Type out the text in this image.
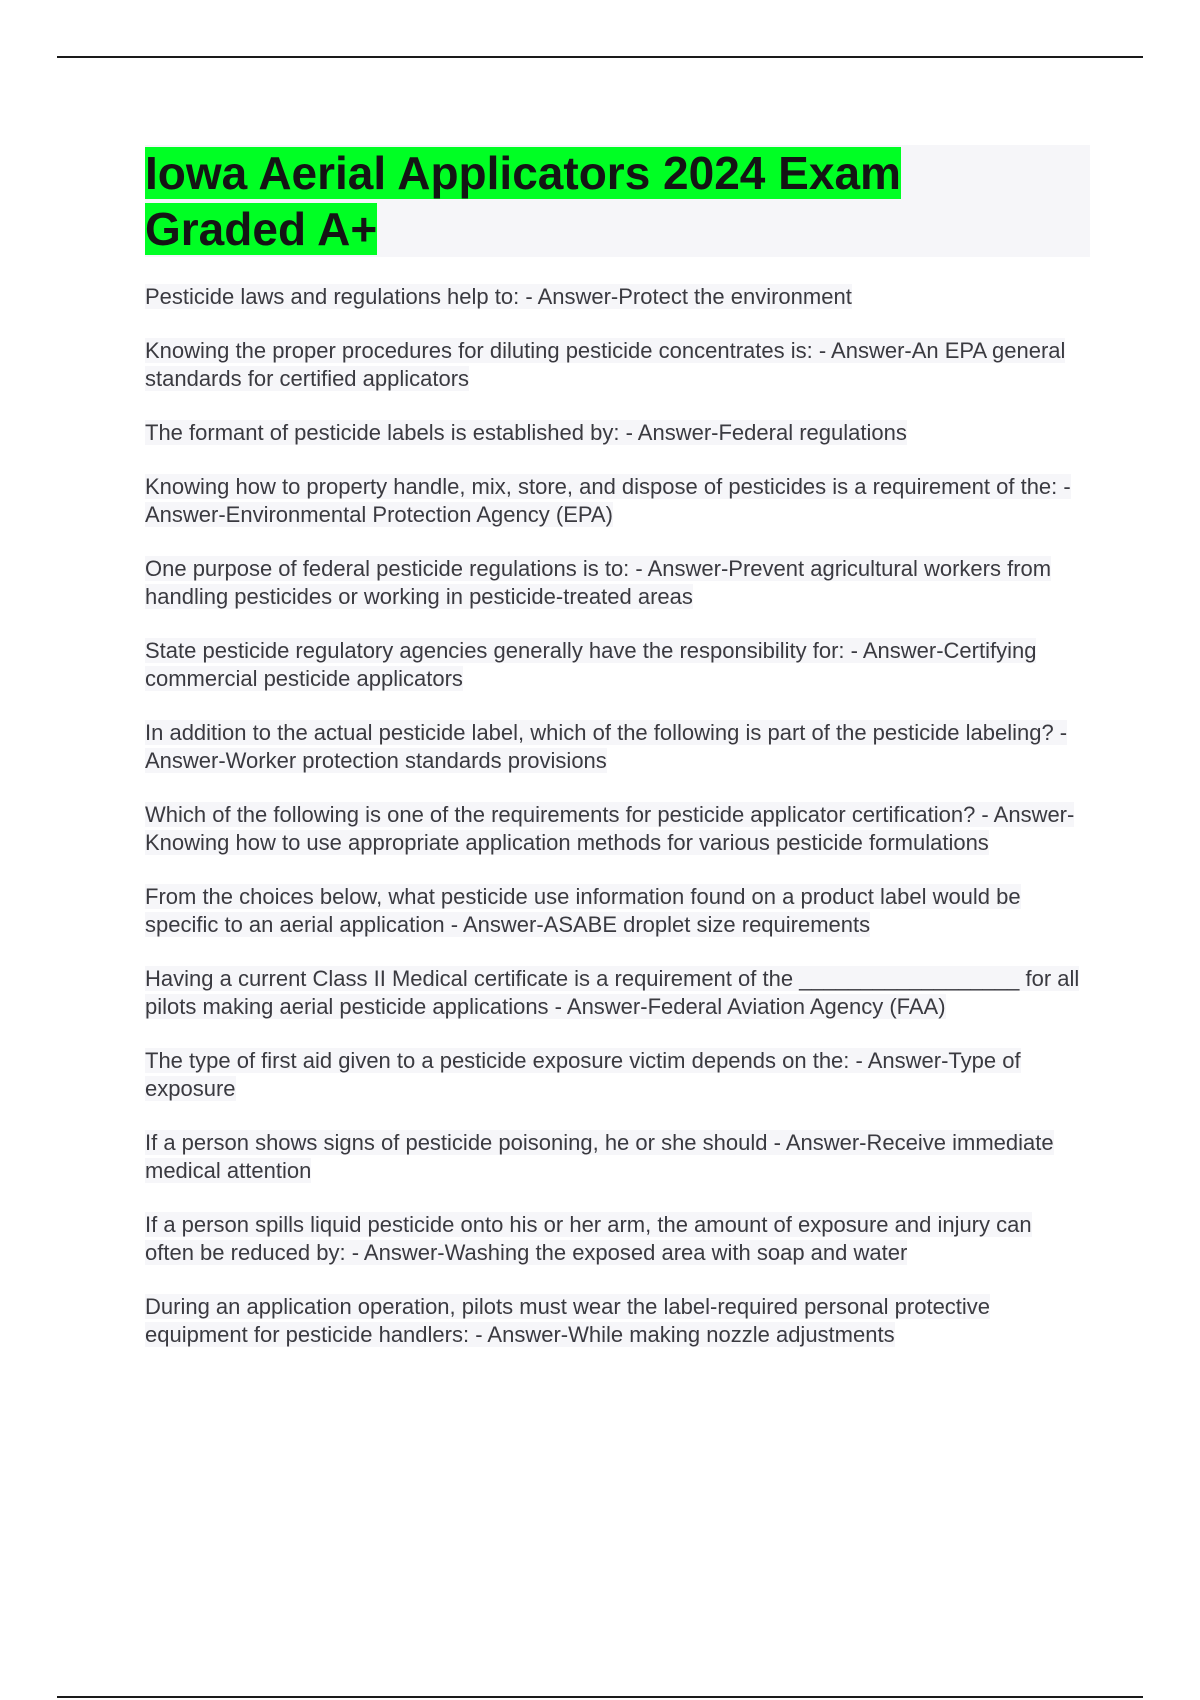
Iowa Aerial Applicators 2024 Exam Graded A+

Pesticide laws and regulations help to: - Answer-Protect the environment

Knowing the proper procedures for diluting pesticide concentrates is: - Answer-An EPA general standards for certified applicators

The formant of pesticide labels is established by: - Answer-Federal regulations

Knowing how to property handle, mix, store, and dispose of pesticides is a requirement of the: - Answer-Environmental Protection Agency (EPA)

One purpose of federal pesticide regulations is to: - Answer-Prevent agricultural workers from handling pesticides or working in pesticide-treated areas

State pesticide regulatory agencies generally have the responsibility for: - Answer-Certifying commercial pesticide applicators

In addition to the actual pesticide label, which of the following is part of the pesticide labeling? - Answer-Worker protection standards provisions

Which of the following is one of the requirements for pesticide applicator certification? - Answer-Knowing how to use appropriate application methods for various pesticide formulations

From the choices below, what pesticide use information found on a product label would be specific to an aerial application - Answer-ASABE droplet size requirements

Having a current Class II Medical certificate is a requirement of the __________________ for all pilots making aerial pesticide applications - Answer-Federal Aviation Agency (FAA)

The type of first aid given to a pesticide exposure victim depends on the: - Answer-Type of exposure

If a person shows signs of pesticide poisoning, he or she should - Answer-Receive immediate medical attention

If a person spills liquid pesticide onto his or her arm, the amount of exposure and injury can often be reduced by: - Answer-Washing the exposed area with soap and water

During an application operation, pilots must wear the label-required personal protective equipment for pesticide handlers: - Answer-While making nozzle adjustments
